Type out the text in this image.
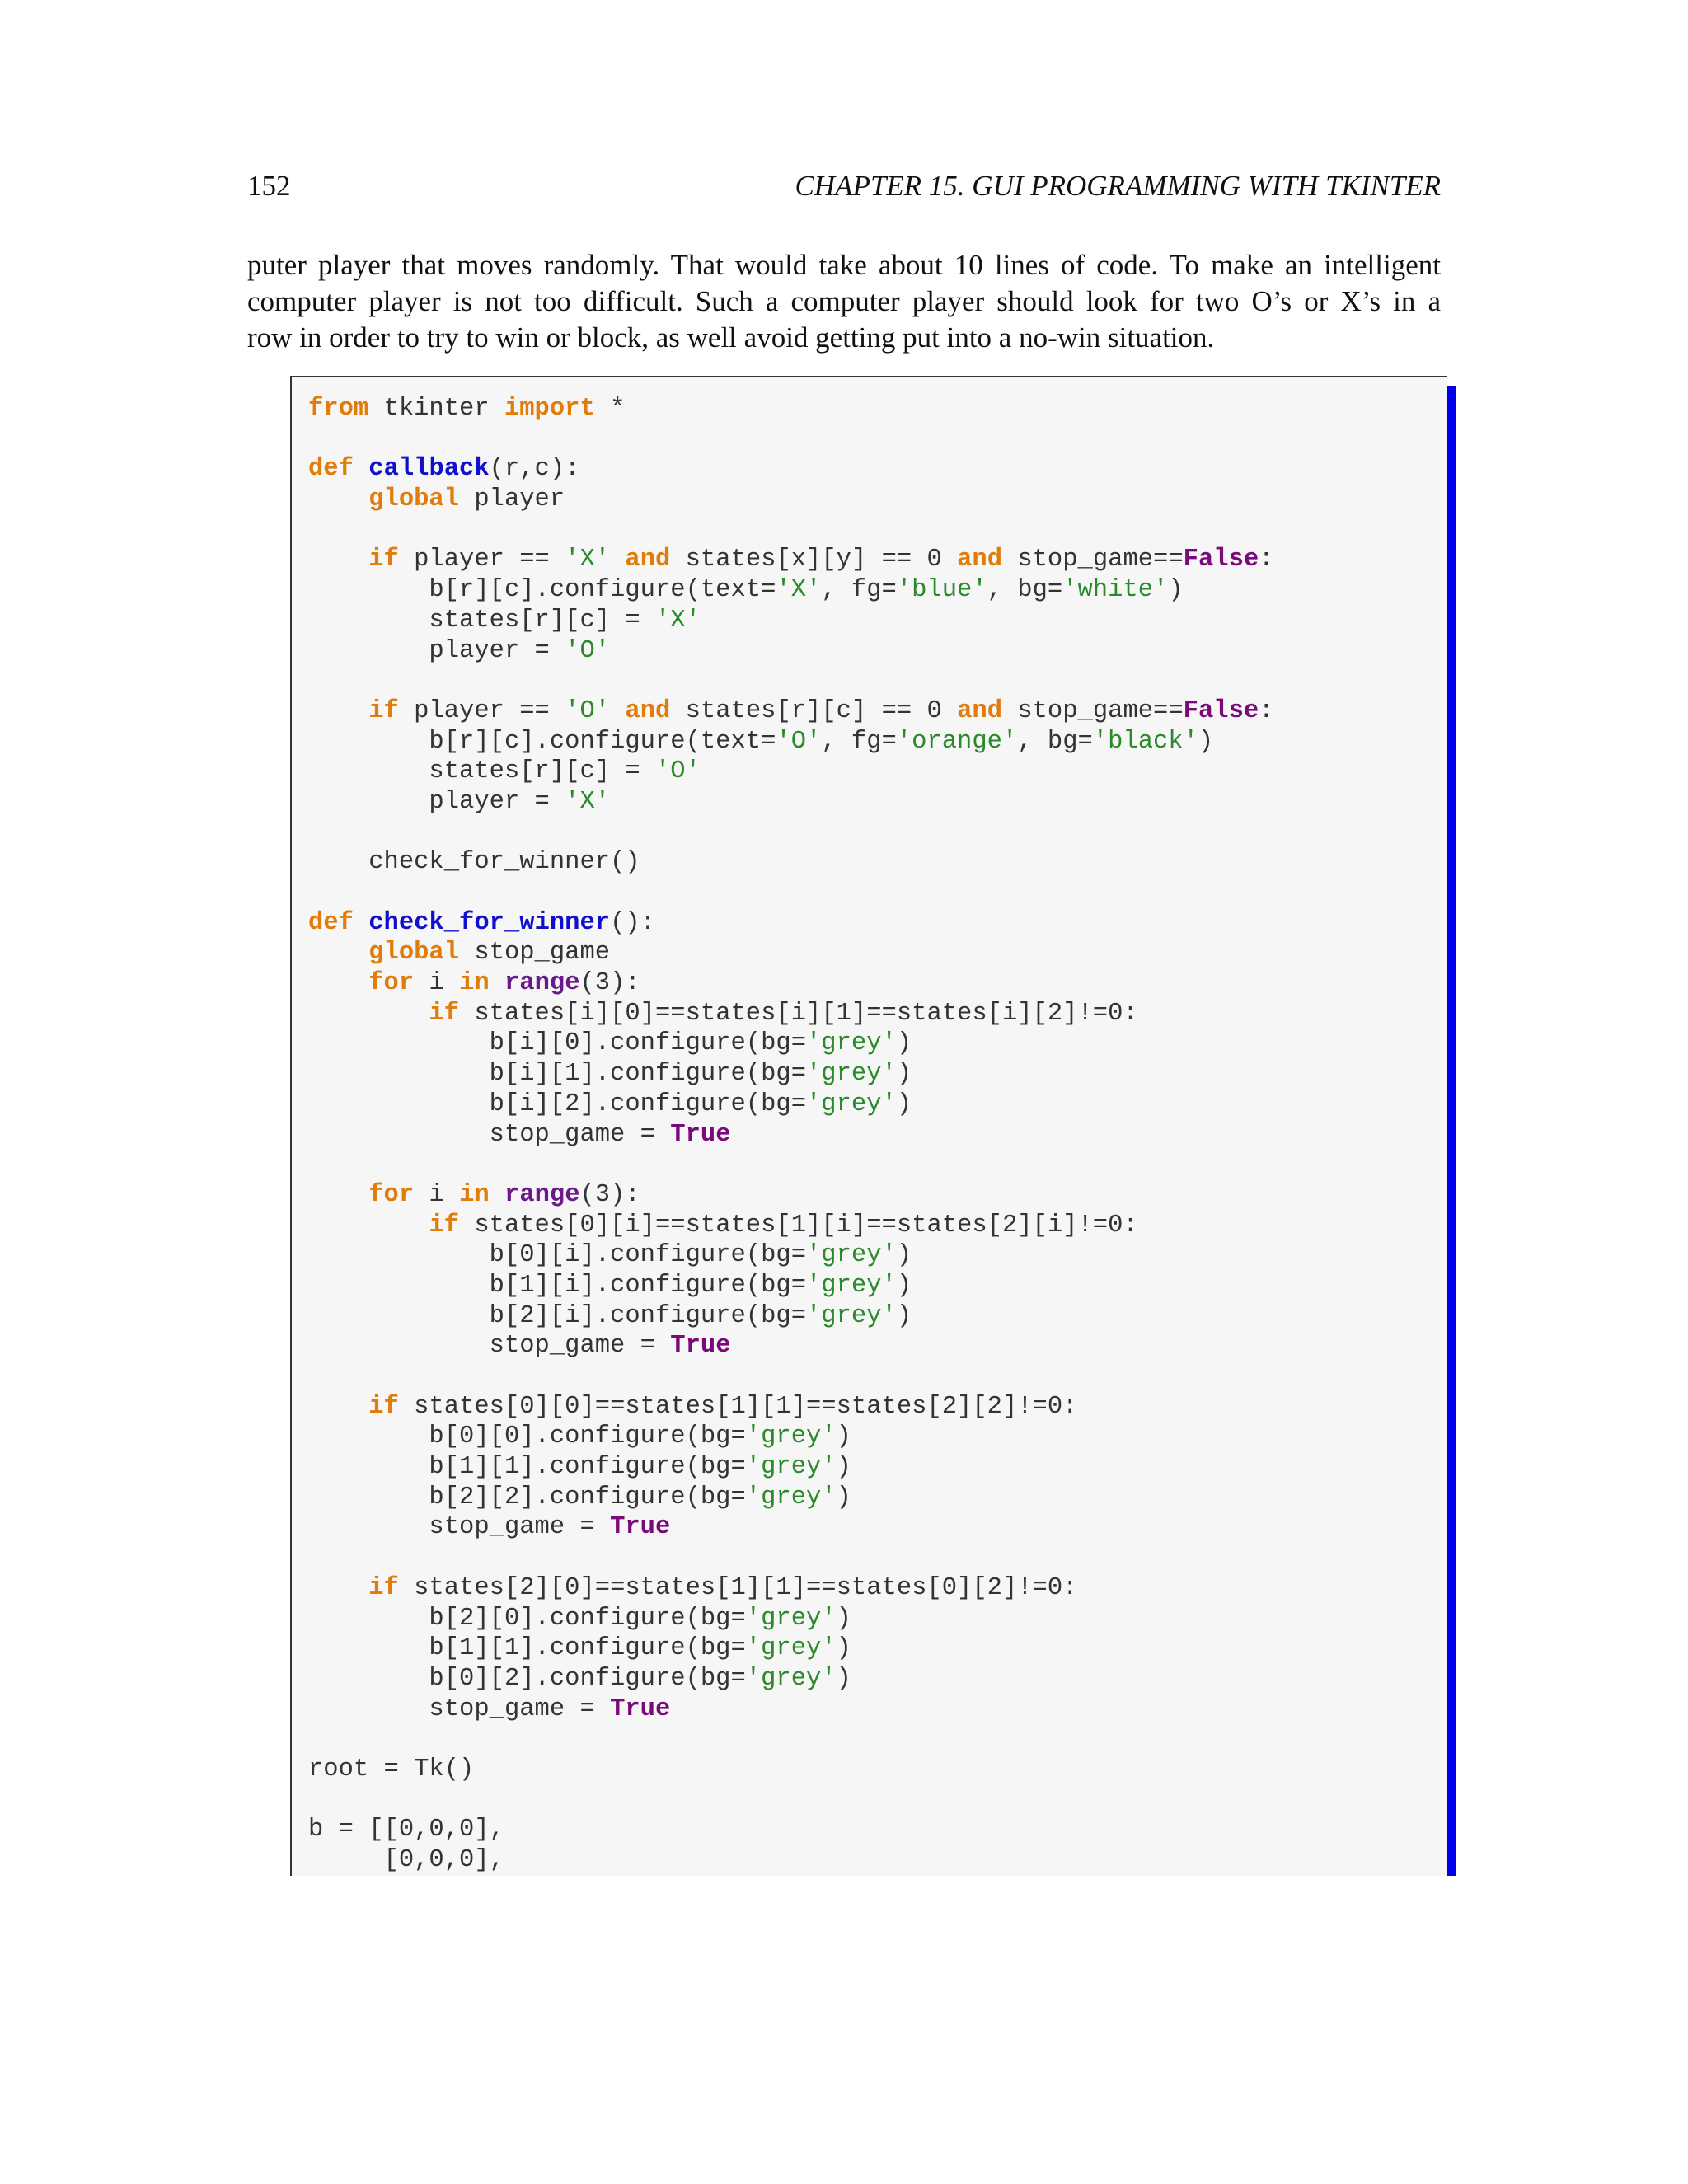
152	CHAPTER 15. GUI PROGRAMMING WITH TKINTER
puter player that moves randomly. That would take about 10 lines of code. To make an intelligent
computer player is not too difficult. Such a computer player should look for two O’s or X’s in a
row in order to try to win or block, as well avoid getting put into a no-win situation.
from tkinter import *
def callback(r,c):
global player
if player == 'X' and states[x][y] == 0 and stop_game==False:
b[r][c].configure(text='X', fg='blue', bg='white')
states[r][c] = 'X'
player = 'O'
if player == 'O' and states[r][c] == 0 and stop_game==False:
b[r][c].configure(text='O', fg='orange', bg='black')
states[r][c] = 'O'
player = 'X'
check_for_winner()
def check_for_winner():
global stop_game
for i in range(3):
if states[i][0]==states[i][1]==states[i][2]!=0:
b[i][0].configure(bg='grey')
b[i][1].configure(bg='grey')
b[i][2].configure(bg='grey')
stop_game = True
for i in range(3):
if states[0][i]==states[1][i]==states[2][i]!=0:
b[0][i].configure(bg='grey')
b[1][i].configure(bg='grey')
b[2][i].configure(bg='grey')
stop_game = True
if states[0][0]==states[1][1]==states[2][2]!=0:
b[0][0].configure(bg='grey')
b[1][1].configure(bg='grey')
b[2][2].configure(bg='grey')
stop_game = True
if states[2][0]==states[1][1]==states[0][2]!=0:
b[2][0].configure(bg='grey')
b[1][1].configure(bg='grey')
b[0][2].configure(bg='grey')
stop_game = True
root = Tk()
b = [[0,0,0],
[0,0,0],
